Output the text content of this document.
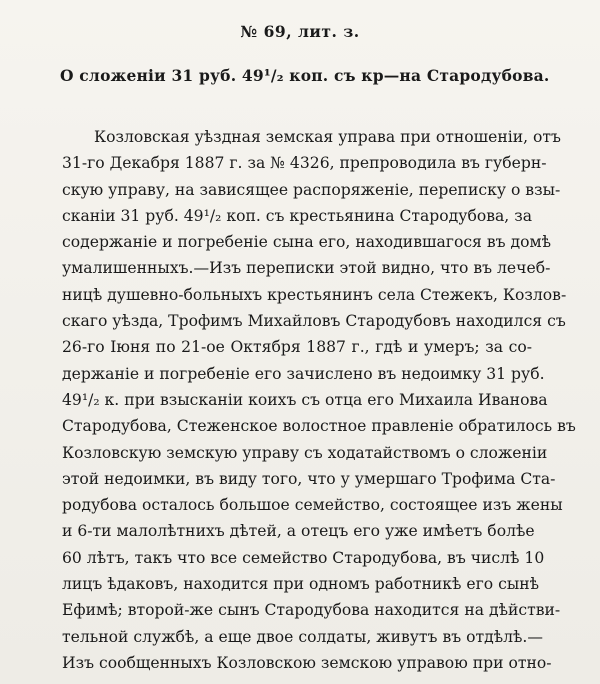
№ 69, лит. з.
О сложеніи 31 руб. 49¹/₂ коп. съ кр—на Стародубова.
Козловская уѣздная земская управа при отношеніи, отъ
31-го Декабря 1887 г. за № 4326, препроводила въ губерн-
скую управу, на зависящее распоряженіе, переписку о взы-
сканіи 31 руб. 49¹/₂ коп. съ крестьянина Стародубова, за
содержаніе и погребеніе сына его, находившагося въ домѣ
умалишенныхъ.—Изъ переписки этой видно, что въ лечеб-
ницѣ душевно-больныхъ крестьянинъ села Стежекъ, Козлов-
скаго уѣзда, Трофимъ Михайловъ Стародубовъ находился съ
26-го Іюня по 21-ое Октября 1887 г., гдѣ и умеръ; за со-
держаніе и погребеніе его зачислено въ недоимку 31 руб.
49¹/₂ к. при взысканіи коихъ съ отца его Михаила Иванова
Стародубова, Стеженское волостное правленіе обратилось въ
Козловскую земскую управу съ ходатайствомъ о сложеніи
этой недоимки, въ виду того, что у умершаго Трофима Ста-
родубова осталось большое семейство, состоящее изъ жены
и 6-ти малолѣтнихъ дѣтей, а отецъ его уже имѣетъ болѣе
60 лѣтъ, такъ что все семейство Стародубова, въ числѣ 10
лицъ ѣдаковъ, находится при одномъ работникѣ его сынѣ
Ефимѣ; второй-же сынъ Стародубова находится на дѣйстви-
тельной службѣ, а еще двое солдаты, живутъ въ отдѣлѣ.—
Изъ сообщенныхъ Козловскою земскою управою при отно-
